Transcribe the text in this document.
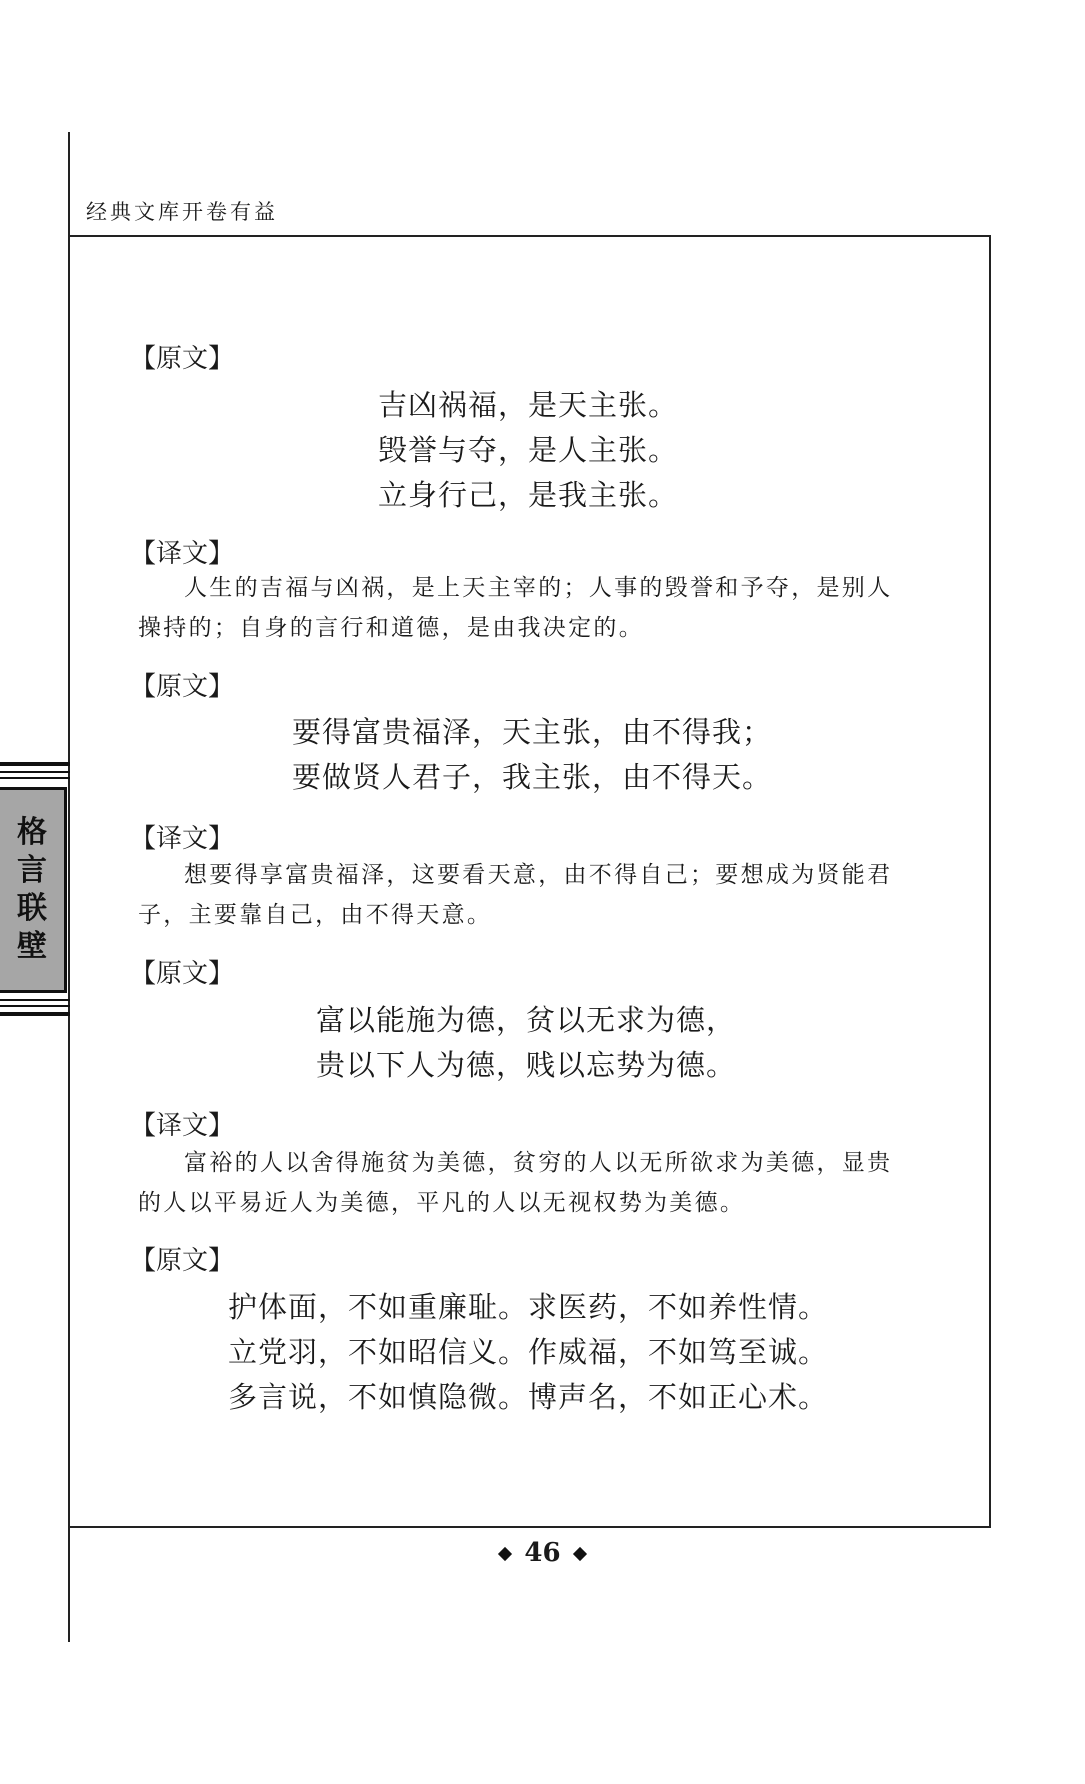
经典文库开卷有益
格
言
联
壁
【原文】
吉凶祸福，是天主张。
毁誉与夺，是人主张。
立身行己，是我主张。
【译文】
人生的吉福与凶祸，是上天主宰的；人事的毁誉和予夺，是别人操持的；自身的言行和道德，是由我决定的。
【原文】
要得富贵福泽，天主张，由不得我；
要做贤人君子，我主张，由不得天。
【译文】
想要得享富贵福泽，这要看天意，由不得自己；要想成为贤能君子，主要靠自己，由不得天意。
【原文】
富以能施为德，贫以无求为德，
贵以下人为德，贱以忘势为德。
【译文】
富裕的人以舍得施贫为美德，贫穷的人以无所欲求为美德，显贵的人以平易近人为美德，平凡的人以无视权势为美德。
【原文】
护体面，不如重廉耻。求医药，不如养性情。
立党羽，不如昭信义。作威福，不如笃至诚。
多言说，不如慎隐微。博声名，不如正心术。
46
